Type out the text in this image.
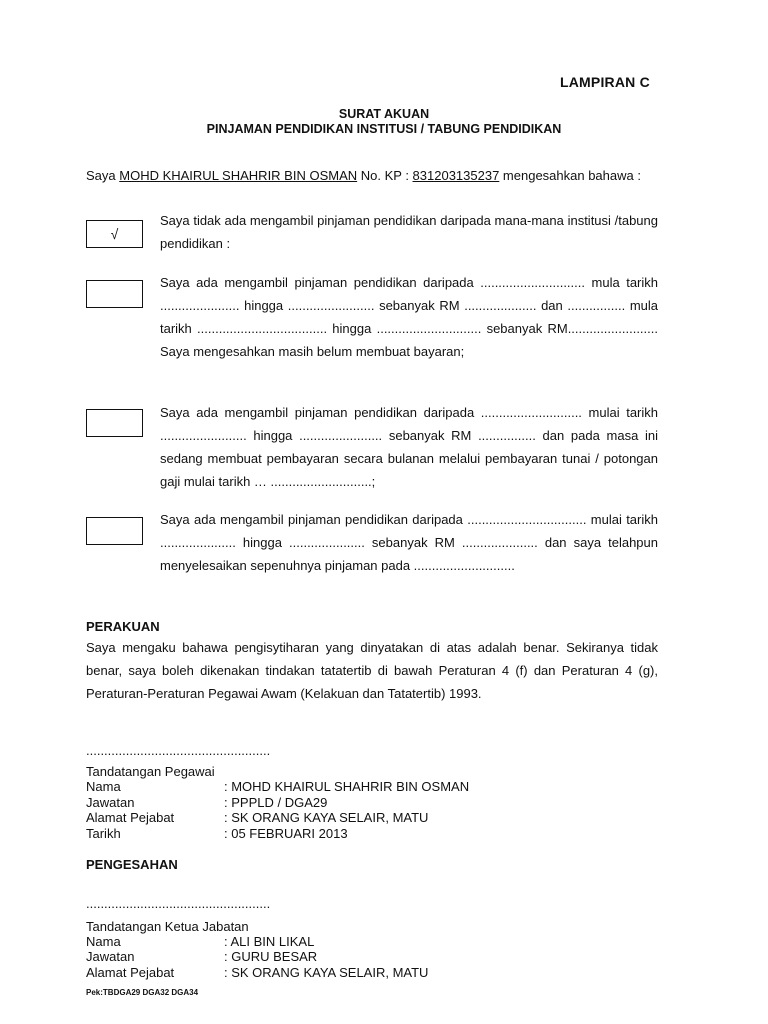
LAMPIRAN C
SURAT AKUAN
PINJAMAN PENDIDIKAN INSTITUSI / TABUNG PENDIDIKAN
Saya MOHD KHAIRUL SHAHRIR BIN OSMAN No. KP : 831203135237 mengesahkan bahawa :
√
Saya tidak ada mengambil pinjaman pendidikan daripada mana-mana institusi /tabung pendidikan :
Saya ada mengambil pinjaman pendidikan daripada ............................. mula tarikh ...................... hingga ........................ sebanyak RM .................... dan ................ mula tarikh .................................... hingga ............................. sebanyak RM......................... Saya mengesahkan masih belum membuat bayaran;
Saya ada mengambil pinjaman pendidikan daripada ............................ mulai tarikh ........................ hingga ....................... sebanyak RM ................ dan pada masa ini sedang membuat pembayaran secara bulanan melalui pembayaran tunai / potongan gaji mulai tarikh … ............................;
Saya ada mengambil pinjaman pendidikan daripada ................................. mulai tarikh ..................... hingga ..................... sebanyak RM ..................... dan saya telahpun menyelesaikan sepenuhnya pinjaman pada ............................
PERAKUAN
Saya mengaku bahawa pengisytiharan yang dinyatakan di atas adalah benar. Sekiranya tidak benar, saya boleh dikenakan tindakan tatatertib di bawah Peraturan 4 (f) dan Peraturan 4 (g), Peraturan-Peraturan Pegawai Awam (Kelakuan dan Tatatertib) 1993.
...................................................
Tandatangan Pegawai
Nama	: MOHD KHAIRUL SHAHRIR BIN OSMAN
Jawatan	: PPPLD / DGA29
Alamat Pejabat	: SK ORANG KAYA SELAIR, MATU
Tarikh	: 05 FEBRUARI 2013
PENGESAHAN
...................................................
Tandatangan Ketua Jabatan
Nama	: ALI BIN LIKAL
Jawatan	: GURU BESAR
Alamat Pejabat	: SK ORANG KAYA SELAIR, MATU
Pek:TBDGA29 DGA32 DGA34
